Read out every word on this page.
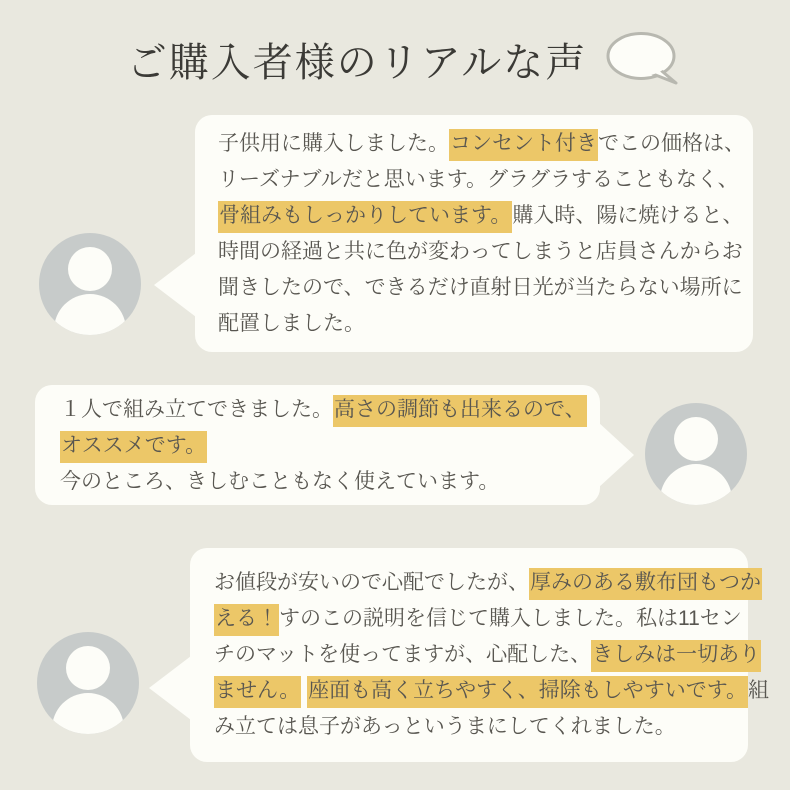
ご購入者様のリアルな声
子供用に購入しました。コンセント付きでこの価格は、
リーズナブルだと思います。グラグラすることもなく、
骨組みもしっかりしています。購入時、陽に焼けると、
時間の経過と共に色が変わってしまうと店員さんからお
聞きしたので、できるだけ直射日光が当たらない場所に
配置しました。
１人で組み立てできました。高さの調節も出来るので、
オススメです。
今のところ、きしむこともなく使えています。
お値段が安いので心配でしたが、厚みのある敷布団もつか
える！すのこの説明を信じて購入しました。私は11セン
チのマットを使ってますが、心配した、きしみは一切あり
ません。 座面も高く立ちやすく、掃除もしやすいです。組
み立ては息子があっというまにしてくれました。
